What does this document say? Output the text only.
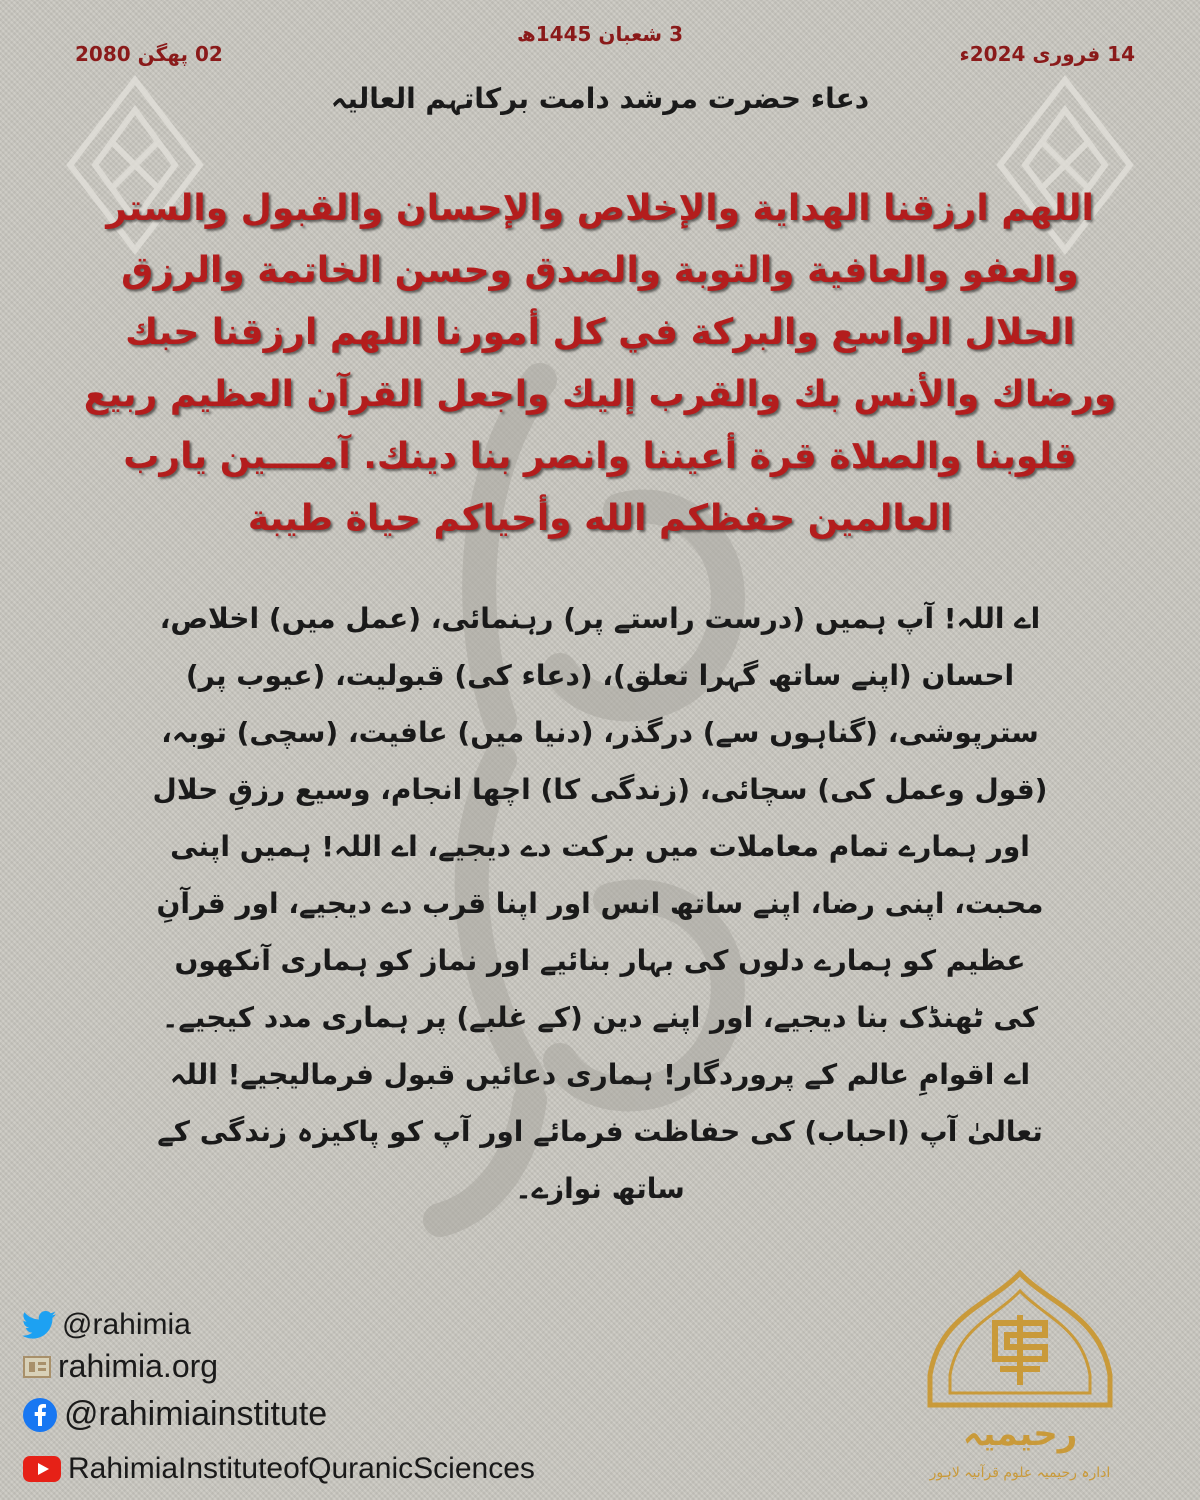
3 شعبان 1445ھ
14 فروری 2024ء
02 پھگن 2080
دعاء حضرت مرشد دامت برکاتہم العالیہ
اللهم ارزقنا الهداية والإخلاص والإحسان والقبول والستر والعفو والعافية والتوبة والصدق وحسن الخاتمة والرزق الحلال الواسع والبركة في كل أمورنا اللهم ارزقنا حبك ورضاك والأنس بك والقرب إليك واجعل القرآن العظيم ربيع قلوبنا والصلاة قرة أعيننا وانصر بنا دينك. آمــــين يارب العالمين حفظكم الله وأحياكم حياة طيبة
اے اللہ! آپ ہمیں (درست راستے پر) رہنمائی، (عمل میں) اخلاص، احسان (اپنے ساتھ گہرا تعلق)، (دعاء کی) قبولیت، (عیوب پر) سترپوشی، (گناہوں سے) درگذر، (دنیا میں) عافیت، (سچی) توبہ، (قول وعمل کی) سچائی، (زندگی کا) اچھا انجام، وسیع رزقِ حلال اور ہمارے تمام معاملات میں برکت دے دیجیے، اے اللہ! ہمیں اپنی محبت، اپنی رضا، اپنے ساتھ انس اور اپنا قرب دے دیجیے، اور قرآنِ عظیم کو ہمارے دلوں کی بہار بنائیے اور نماز کو ہماری آنکھوں کی ٹھنڈک بنا دیجیے، اور اپنے دین (کے غلبے) پر ہماری مدد کیجیے۔ اے اقوامِ عالم کے پروردگار! ہماری دعائیں قبول فرمالیجیے! اللہ تعالیٰ آپ (احباب) کی حفاظت فرمائے اور آپ کو پاکیزہ زندگی کے ساتھ نوازے۔
@rahimia
rahimia.org
@rahimiainstitute
RahimiaInstituteofQuranicSciences
رحیمیہ
ادارہ رحیمیہ علوم قرآنیہ لاہور
